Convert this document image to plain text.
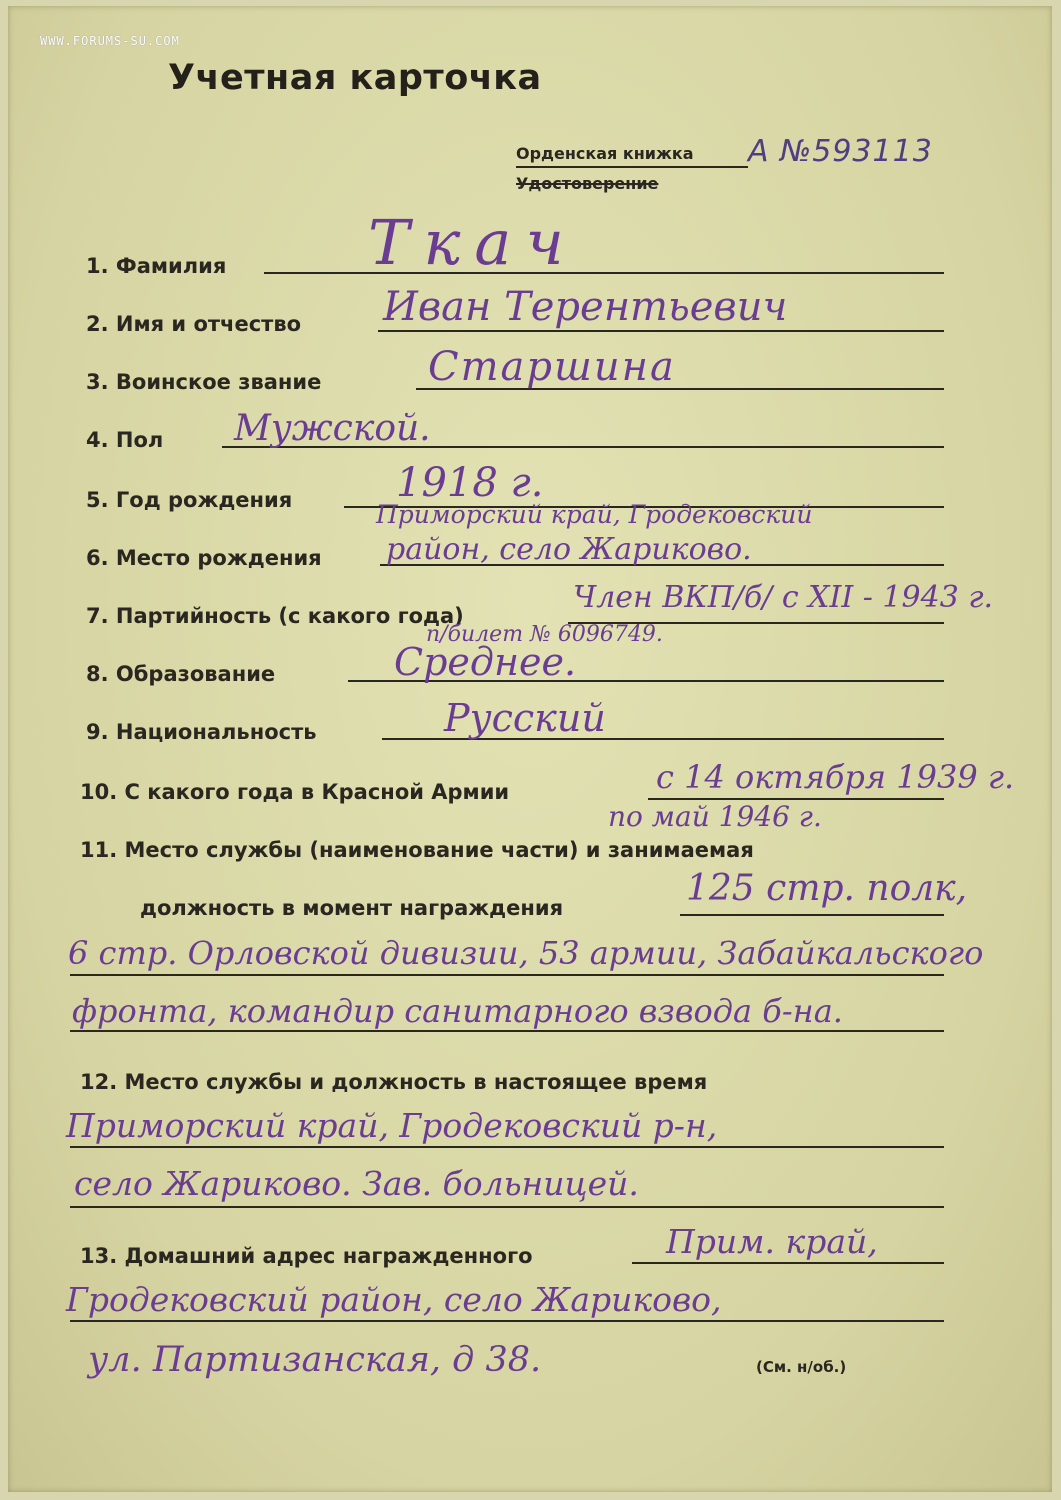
WWW.FORUMS-SU.COM
Учетная карточка
Орденская книжка
Удостоверение
А №593113
1. Фамилия Ткач
2. Имя и отчество Иван Терентьевич
3. Воинское звание	Старшина
4. Пол Мужской.
5. Год рождения	1918 г.
6. Место рождения
Приморский край, Гродековский
район, село Жариково.
7. Партийность (с какого года)
Член ВКП/б/ с XII - 1943 г.
п/билет № 6096749.
8. Образование	Среднее.
9. Национальность	Русский
10. С какого года в Красной Армии	с 14 октября 1939 г.
по май 1946 г.
11. Место службы (наименование части) и занимаемая
должность в момент награждения	125 стр. полк,
6 стр. Орловской дивизии, 53 армии, Забайкальского
фронта, командир санитарного взвода б-на.
12. Место службы и должность в настоящее время
Приморский край, Гродековский р-н,
село Жариково. Зав. больницей.
13. Домашний адрес награжденного	Прим. край,
Гродековский район, село Жариково,
ул. Партизанская, д 38.	(См. н/об.)
